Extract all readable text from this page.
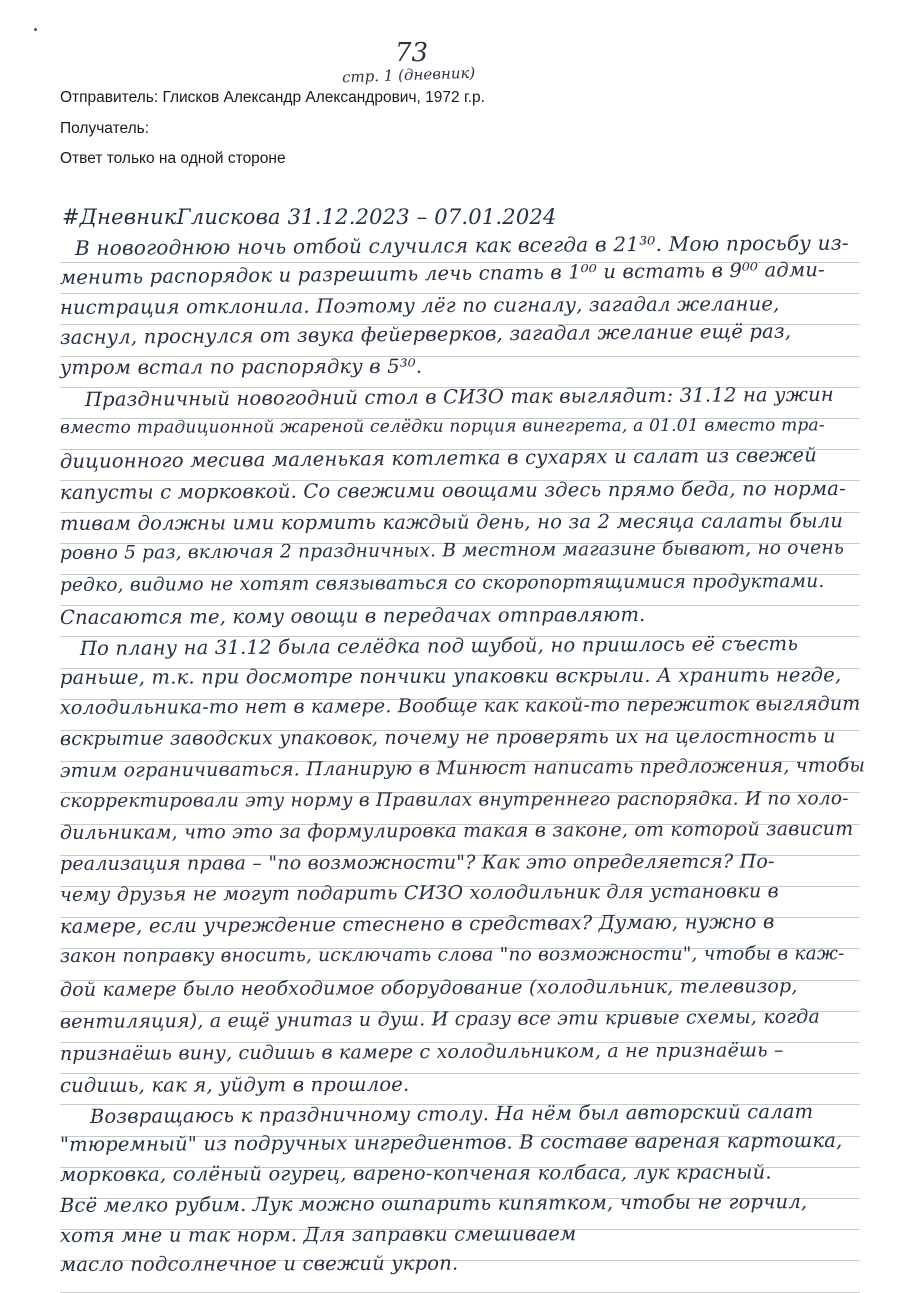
73
стр. 1 (дневник)
Отправитель: Глисков Александр Александрович, 1972 г.р.
Получатель:
Ответ только на одной стороне
#ДневникГлискова 31.12.2023 – 07.01.2024
В новогоднюю ночь отбой случился как всегда в 21³⁰. Мою просьбу из-
менить распорядок и разрешить лечь спать в 1⁰⁰ и встать в 9⁰⁰ адми-
нистрация отклонила. Поэтому лёг по сигналу, загадал желание,
заснул, проснулся от звука фейерверков, загадал желание ещё раз,
утром встал по распорядку в 5³⁰.
Праздничный новогодний стол в СИЗО так выглядит: 31.12 на ужин
вместо традиционной жареной селёдки порция винегрета, а 01.01 вместо тра-
диционного месива маленькая котлетка в сухарях и салат из свежей
капусты с морковкой. Со свежими овощами здесь прямо беда, по норма-
тивам должны ими кормить каждый день, но за 2 месяца салаты были
ровно 5 раз, включая 2 праздничных. В местном магазине бывают, но очень
редко, видимо не хотят связываться со скоропортящимися продуктами.
Спасаются те, кому овощи в передачах отправляют.
По плану на 31.12 была селёдка под шубой, но пришлось её съесть
раньше, т.к. при досмотре пончики упаковки вскрыли. А хранить негде,
холодильника-то нет в камере. Вообще как какой-то пережиток выглядит
вскрытие заводских упаковок, почему не проверять их на целостность и
этим ограничиваться. Планирую в Минюст написать предложения, чтобы
скорректировали эту норму в Правилах внутреннего распорядка. И по холо-
дильникам, что это за формулировка такая в законе, от которой зависит
реализация права – "по возможности"? Как это определяется? По-
чему друзья не могут подарить СИЗО холодильник для установки в
камере, если учреждение стеснено в средствах? Думаю, нужно в
закон поправку вносить, исключать слова "по возможности", чтобы в каж-
дой камере было необходимое оборудование (холодильник, телевизор,
вентиляция), а ещё унитаз и душ. И сразу все эти кривые схемы, когда
признаёшь вину, сидишь в камере с холодильником, а не признаёшь –
сидишь, как я, уйдут в прошлое.
Возвращаюсь к праздничному столу. На нём был авторский салат
"тюремный" из подручных ингредиентов. В составе вареная картошка,
морковка, солёный огурец, варено-копченая колбаса, лук красный.
Всё мелко рубим. Лук можно ошпарить кипятком, чтобы не горчил,
хотя мне и так норм. Для заправки смешиваем
масло подсолнечное и свежий укроп.
